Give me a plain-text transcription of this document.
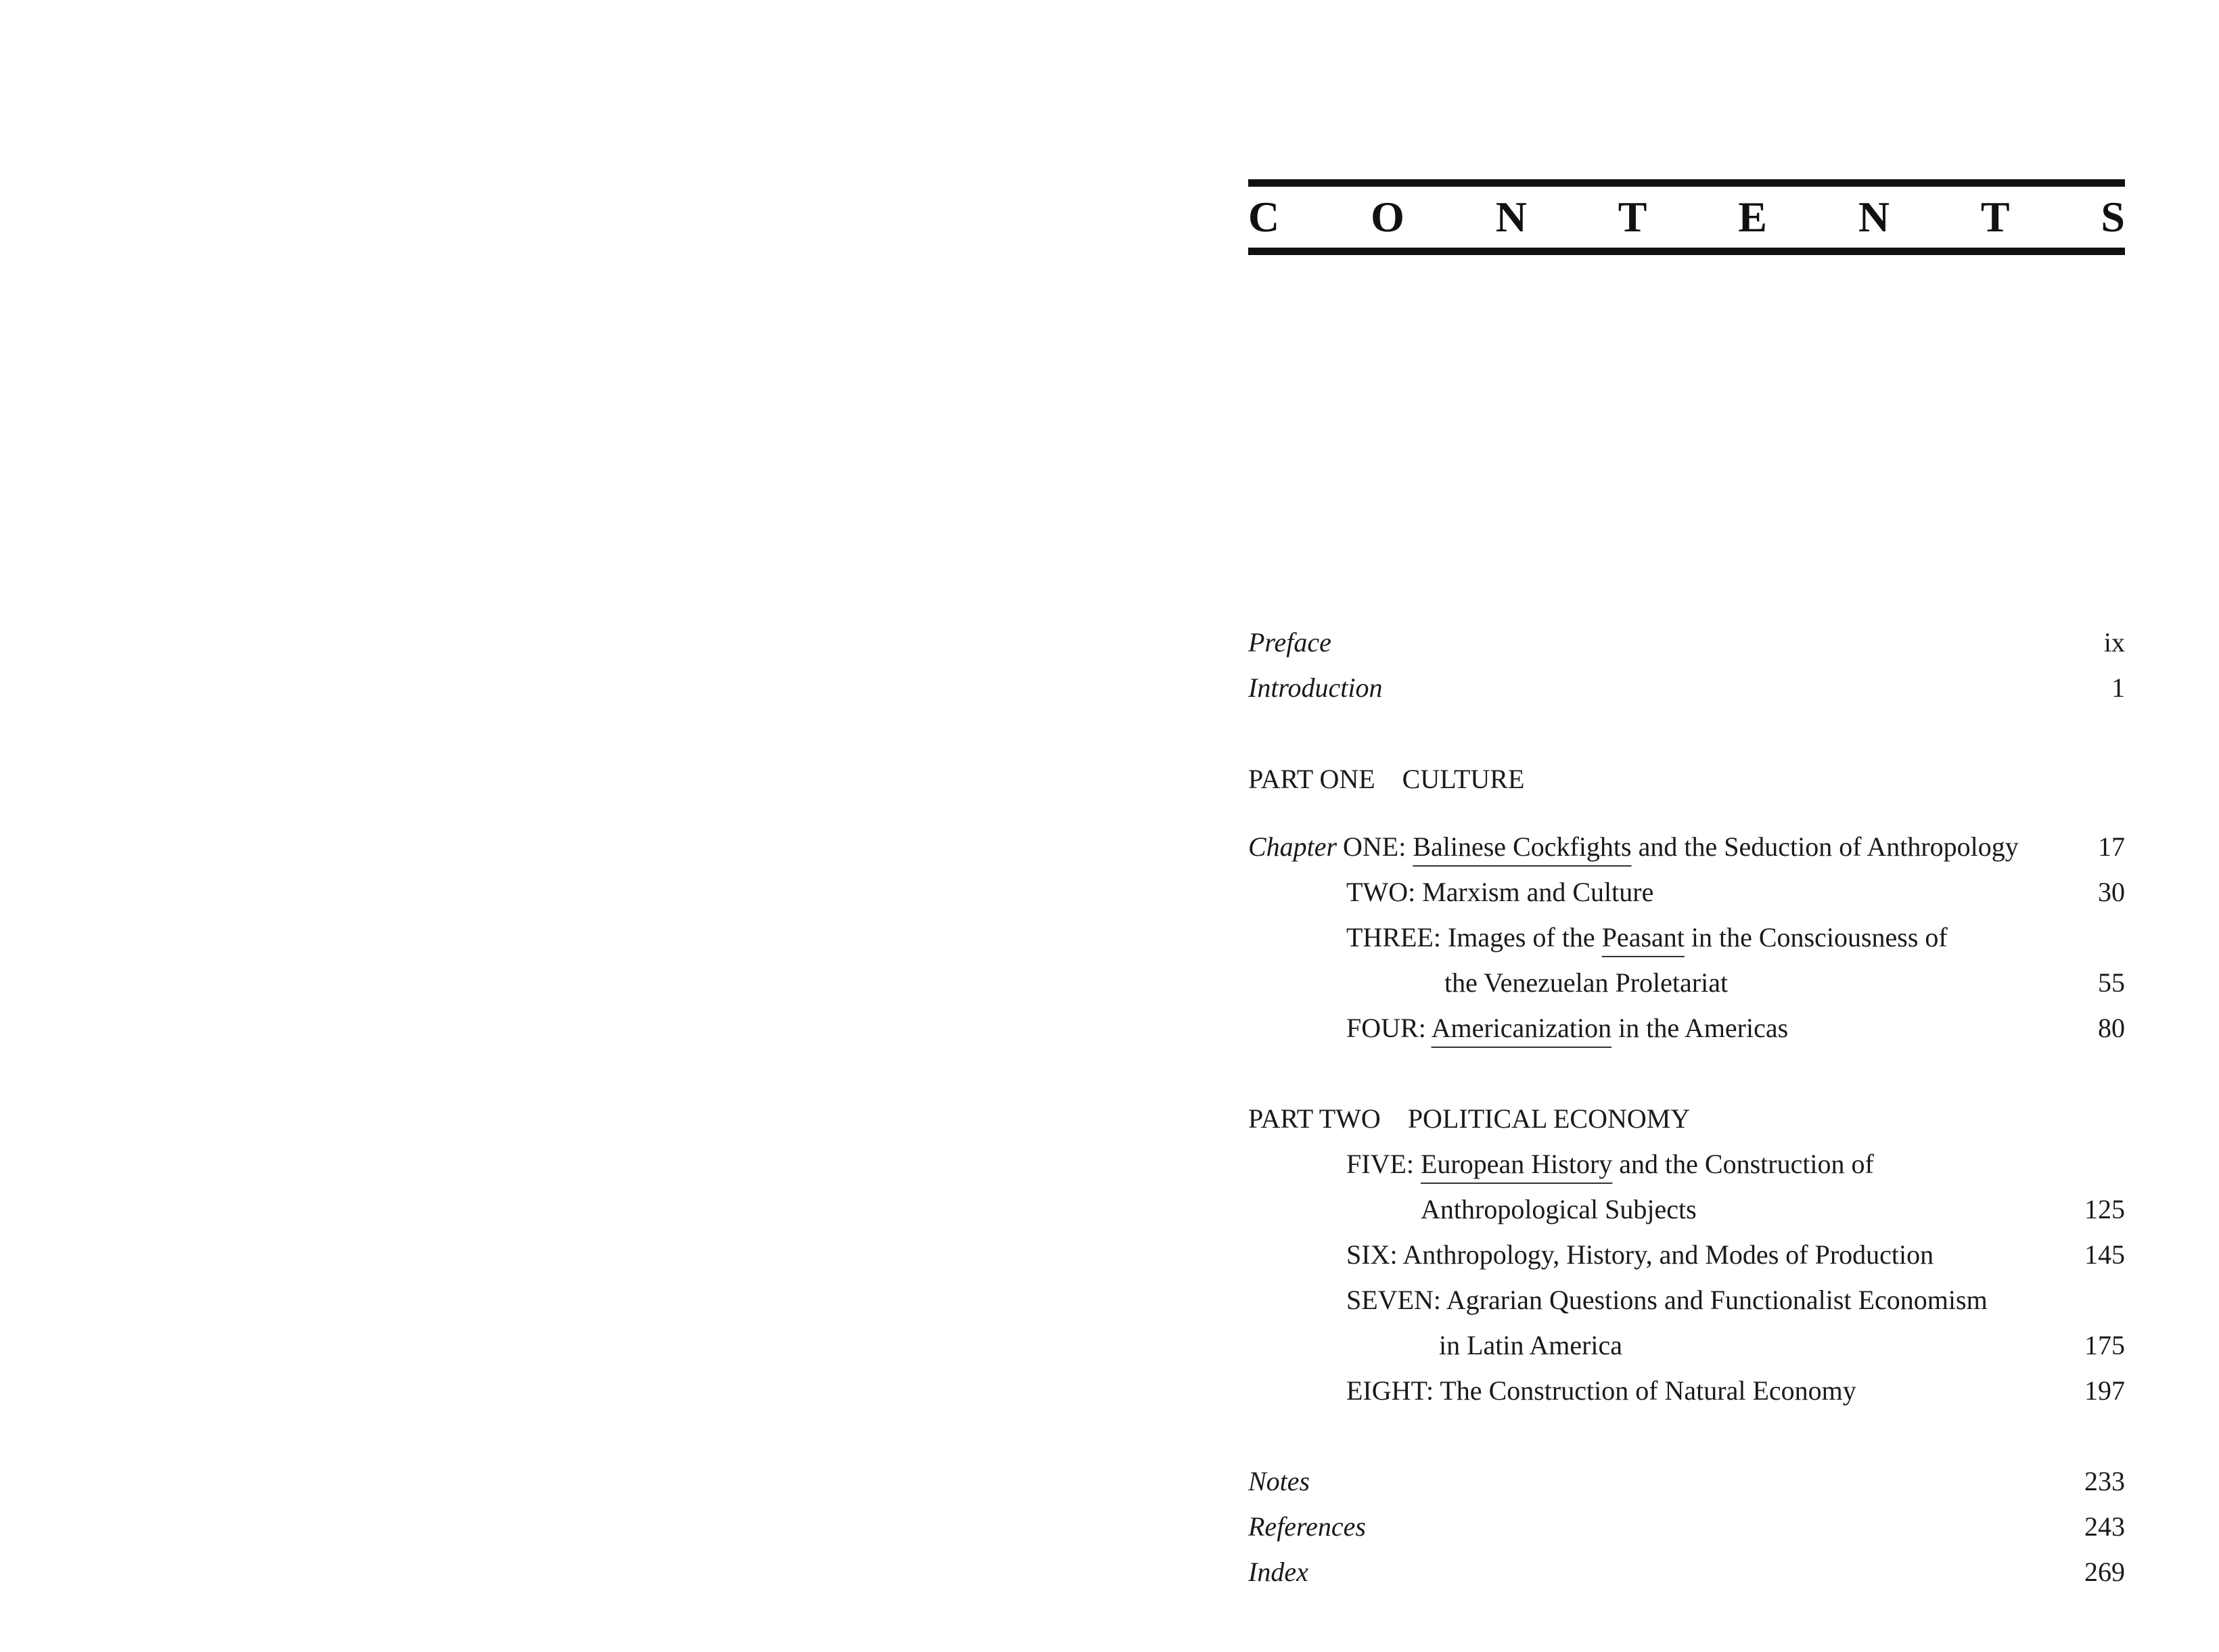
C O N T E N T S
Preface	ix
Introduction	1
PART ONE CULTURE
Chapter ONE: Balinese Cockfights and the Seduction of Anthropology	17
TWO: Marxism and Culture	30
THREE: Images of the Peasant in the Consciousness of
the Venezuelan Proletariat	55
FOUR: Americanization in the Americas	80
PART TWO POLITICAL ECONOMY
FIVE: European History and the Construction of
Anthropological Subjects	125
SIX: Anthropology, History, and Modes of Production	145
SEVEN: Agrarian Questions and Functionalist Economism
in Latin America	175
EIGHT: The Construction of Natural Economy	197
Notes	233
References	243
Index	269
